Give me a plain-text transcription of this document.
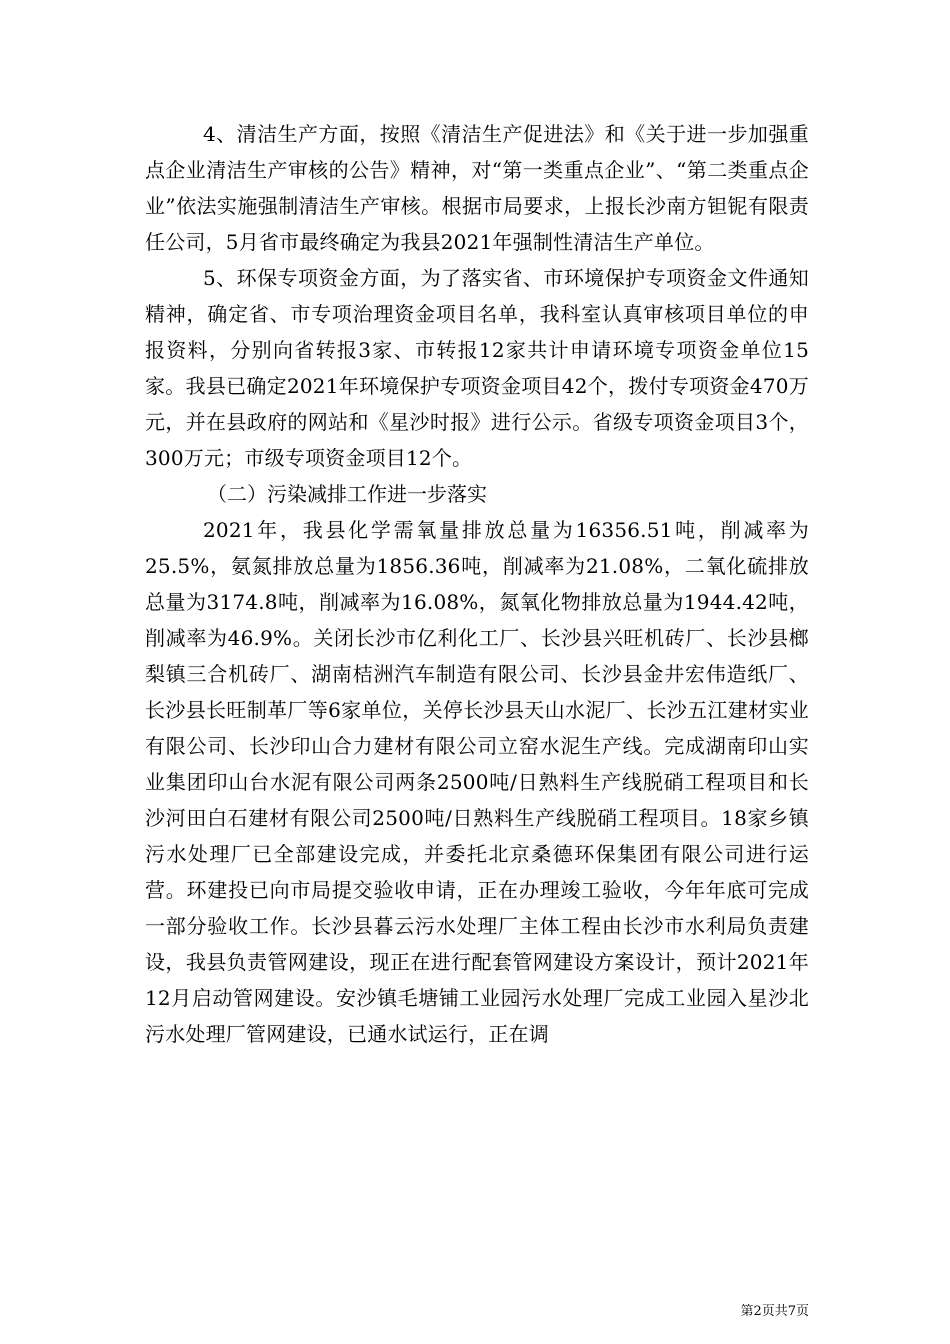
4、清洁生产方面，按照《清洁生产促进法》和《关于进一步加强重点企业清洁生产审核的公告》精神，对“第一类重点企业”、“第二类重点企业”依法实施强制清洁生产审核。根据市局要求，上报长沙南方钽铌有限责任公司，5月省市最终确定为我县2021年强制性清洁生产单位。

5、环保专项资金方面，为了落实省、市环境保护专项资金文件通知精神，确定省、市专项治理资金项目名单，我科室认真审核项目单位的申报资料，分别向省转报3家、市转报12家共计申请环境专项资金单位15家。我县已确定2021年环境保护专项资金项目42个，拨付专项资金470万元，并在县政府的网站和《星沙时报》进行公示。省级专项资金项目3个，300万元；市级专项资金项目12个。

（二）污染减排工作进一步落实

2021年，我县化学需氧量排放总量为16356.51吨，削减率为25.5%，氨氮排放总量为1856.36吨，削减率为21.08%，二氧化硫排放总量为3174.8吨，削减率为16.08%，氮氧化物排放总量为1944.42吨，削减率为46.9%。关闭长沙市亿利化工厂、长沙县兴旺机砖厂、长沙县榔梨镇三合机砖厂、湖南桔洲汽车制造有限公司、长沙县金井宏伟造纸厂、长沙县长旺制革厂等6家单位，关停长沙县天山水泥厂、长沙五江建材实业有限公司、长沙印山合力建材有限公司立窑水泥生产线。完成湖南印山实业集团印山台水泥有限公司两条2500吨/日熟料生产线脱硝工程项目和长沙河田白石建材有限公司2500吨/日熟料生产线脱硝工程项目。18家乡镇污水处理厂已全部建设完成，并委托北京桑德环保集团有限公司进行运营。环建投已向市局提交验收申请，正在办理竣工验收，今年年底可完成一部分验收工作。长沙县暮云污水处理厂主体工程由长沙市水利局负责建设，我县负责管网建设，现正在进行配套管网建设方案设计，预计2021年12月启动管网建设。安沙镇毛塘铺工业园污水处理厂完成工业园入星沙北污水处理厂管网建设，已通水试运行，正在调

第2页共7页
